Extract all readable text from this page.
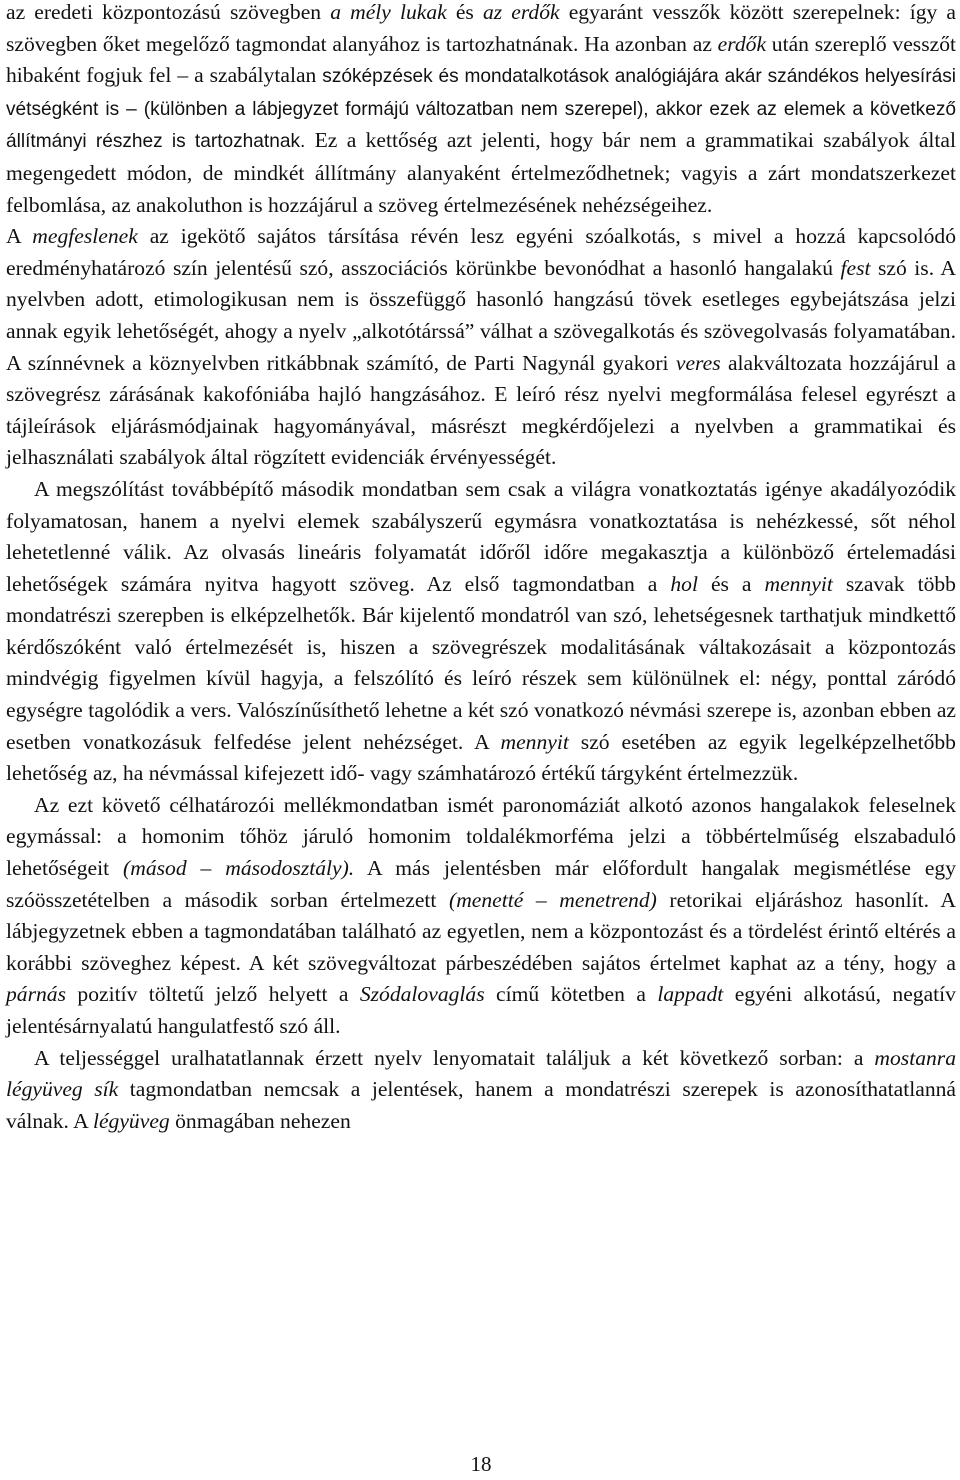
az eredeti központozású szövegben a mély lukak és az erdők egyaránt vesszők között szerepelnek: így a szövegben őket megelőző tagmondat alanyához is tartozhatnának. Ha azonban az erdők után szereplő vesszőt hibaként fogjuk fel – a szabálytalan szóképzések és mondatalkotások analógiájára akár szándékos helyesírási vétségként is – (különben a lábjegyzet formájú változatban nem szerepel), akkor ezek az elemek a következő állítmányi részhez is tartozhatnak. Ez a kettőség azt jelenti, hogy bár nem a grammatikai szabályok által megengedett módon, de mindkét állítmány alanyaként értelmeződhetnek; vagyis a zárt mondatszerkezet felbomlása, az anakoluthon is hozzájárul a szöveg értelmezésének nehézségeihez.

A megfeslenek az igekötő sajátos társítása révén lesz egyéni szóalkotás, s mivel a hozzá kapcsolódó eredményhatározó szín jelentésű szó, asszociációs körünkbe bevonódhat a hasonló hangalakú fest szó is. A nyelvben adott, etimologikusan nem is összefüggő hasonló hangzású tövek esetleges egybejátszása jelzi annak egyik lehetőségét, ahogy a nyelv „alkotótárssá” válhat a szövegalkotás és szövegolvasás folyamatában. A színnévnek a köznyelvben ritkábbnak számító, de Parti Nagynál gyakori veres alakváltozata hozzájárul a szövegrész zárásának kakofóniába hajló hangzásához. E leíró rész nyelvi megformálása felesel egyrészt a tájleírások eljárásmódjainak hagyományával, másrészt megkérdőjelezi a nyelvben a grammatikai és jelhasználati szabályok által rögzített evidenciák érvényességét.

A megszólítást továbbépítő második mondatban sem csak a világra vonatkoztatás igénye akadályozódik folyamatosan, hanem a nyelvi elemek szabályszerű egymásra vonatkoztatása is nehézkessé, sőt néhol lehetetlenné válik. Az olvasás lineáris folyamatát időről időre megakasztja a különböző értelemadási lehetőségek számára nyitva hagyott szöveg. Az első tagmondatban a hol és a mennyit szavak több mondatrészi szerepben is elképzelhetők. Bár kijelentő mondatról van szó, lehetségesnek tarthatjuk mindkettő kérdőszóként való értelmezését is, hiszen a szövegrészek modalitásának váltakozásait a központozás mindvégig figyelmen kívül hagyja, a felszólító és leíró részek sem különülnek el: négy, ponttal záródó egységre tagolódik a vers. Valószínűsíthető lehetne a két szó vonatkozó névmási szerepe is, azonban ebben az esetben vonatkozásuk felfedése jelent nehézséget. A mennyit szó esetében az egyik legelképzelhetőbb lehetőség az, ha névmással kifejezett idő- vagy számhatározó értékű tárgyként értelmezzük.

Az ezt követő célhatározói mellékmondatban ismét paronomáziát alkotó azonos hangalakok feleselnek egymással: a homonim tőhöz járuló homonim toldalékmorféma jelzi a többértelműség elszabaduló lehetőségeit (másod – másodosztály). A más jelentésben már előfordult hangalak megismétlése egy szóösszetételben a második sorban értelmezett (menetté – menetrend) retorikai eljáráshoz hasonlít. A lábjegyzetnek ebben a tagmondatában található az egyetlen, nem a központozást és a tördelést érintő eltérés a korábbi szöveghez képest. A két szövegváltozat párbeszédében sajátos értelmet kaphat az a tény, hogy a párnás pozitív töltetű jelző helyett a Szódalovaglás című kötetben a lappadt egyéni alkotású, negatív jelentésárnyalatú hangulatfestő szó áll.

A teljességgel uralhatatlannak érzett nyelv lenyomatait találjuk a két következő sorban: a mostanra légyüveg sík tagmondatban nemcsak a jelentések, hanem a mondatrészi szerepek is azonosíthatatlanná válnak. A légyüveg önmagában nehezen

18
